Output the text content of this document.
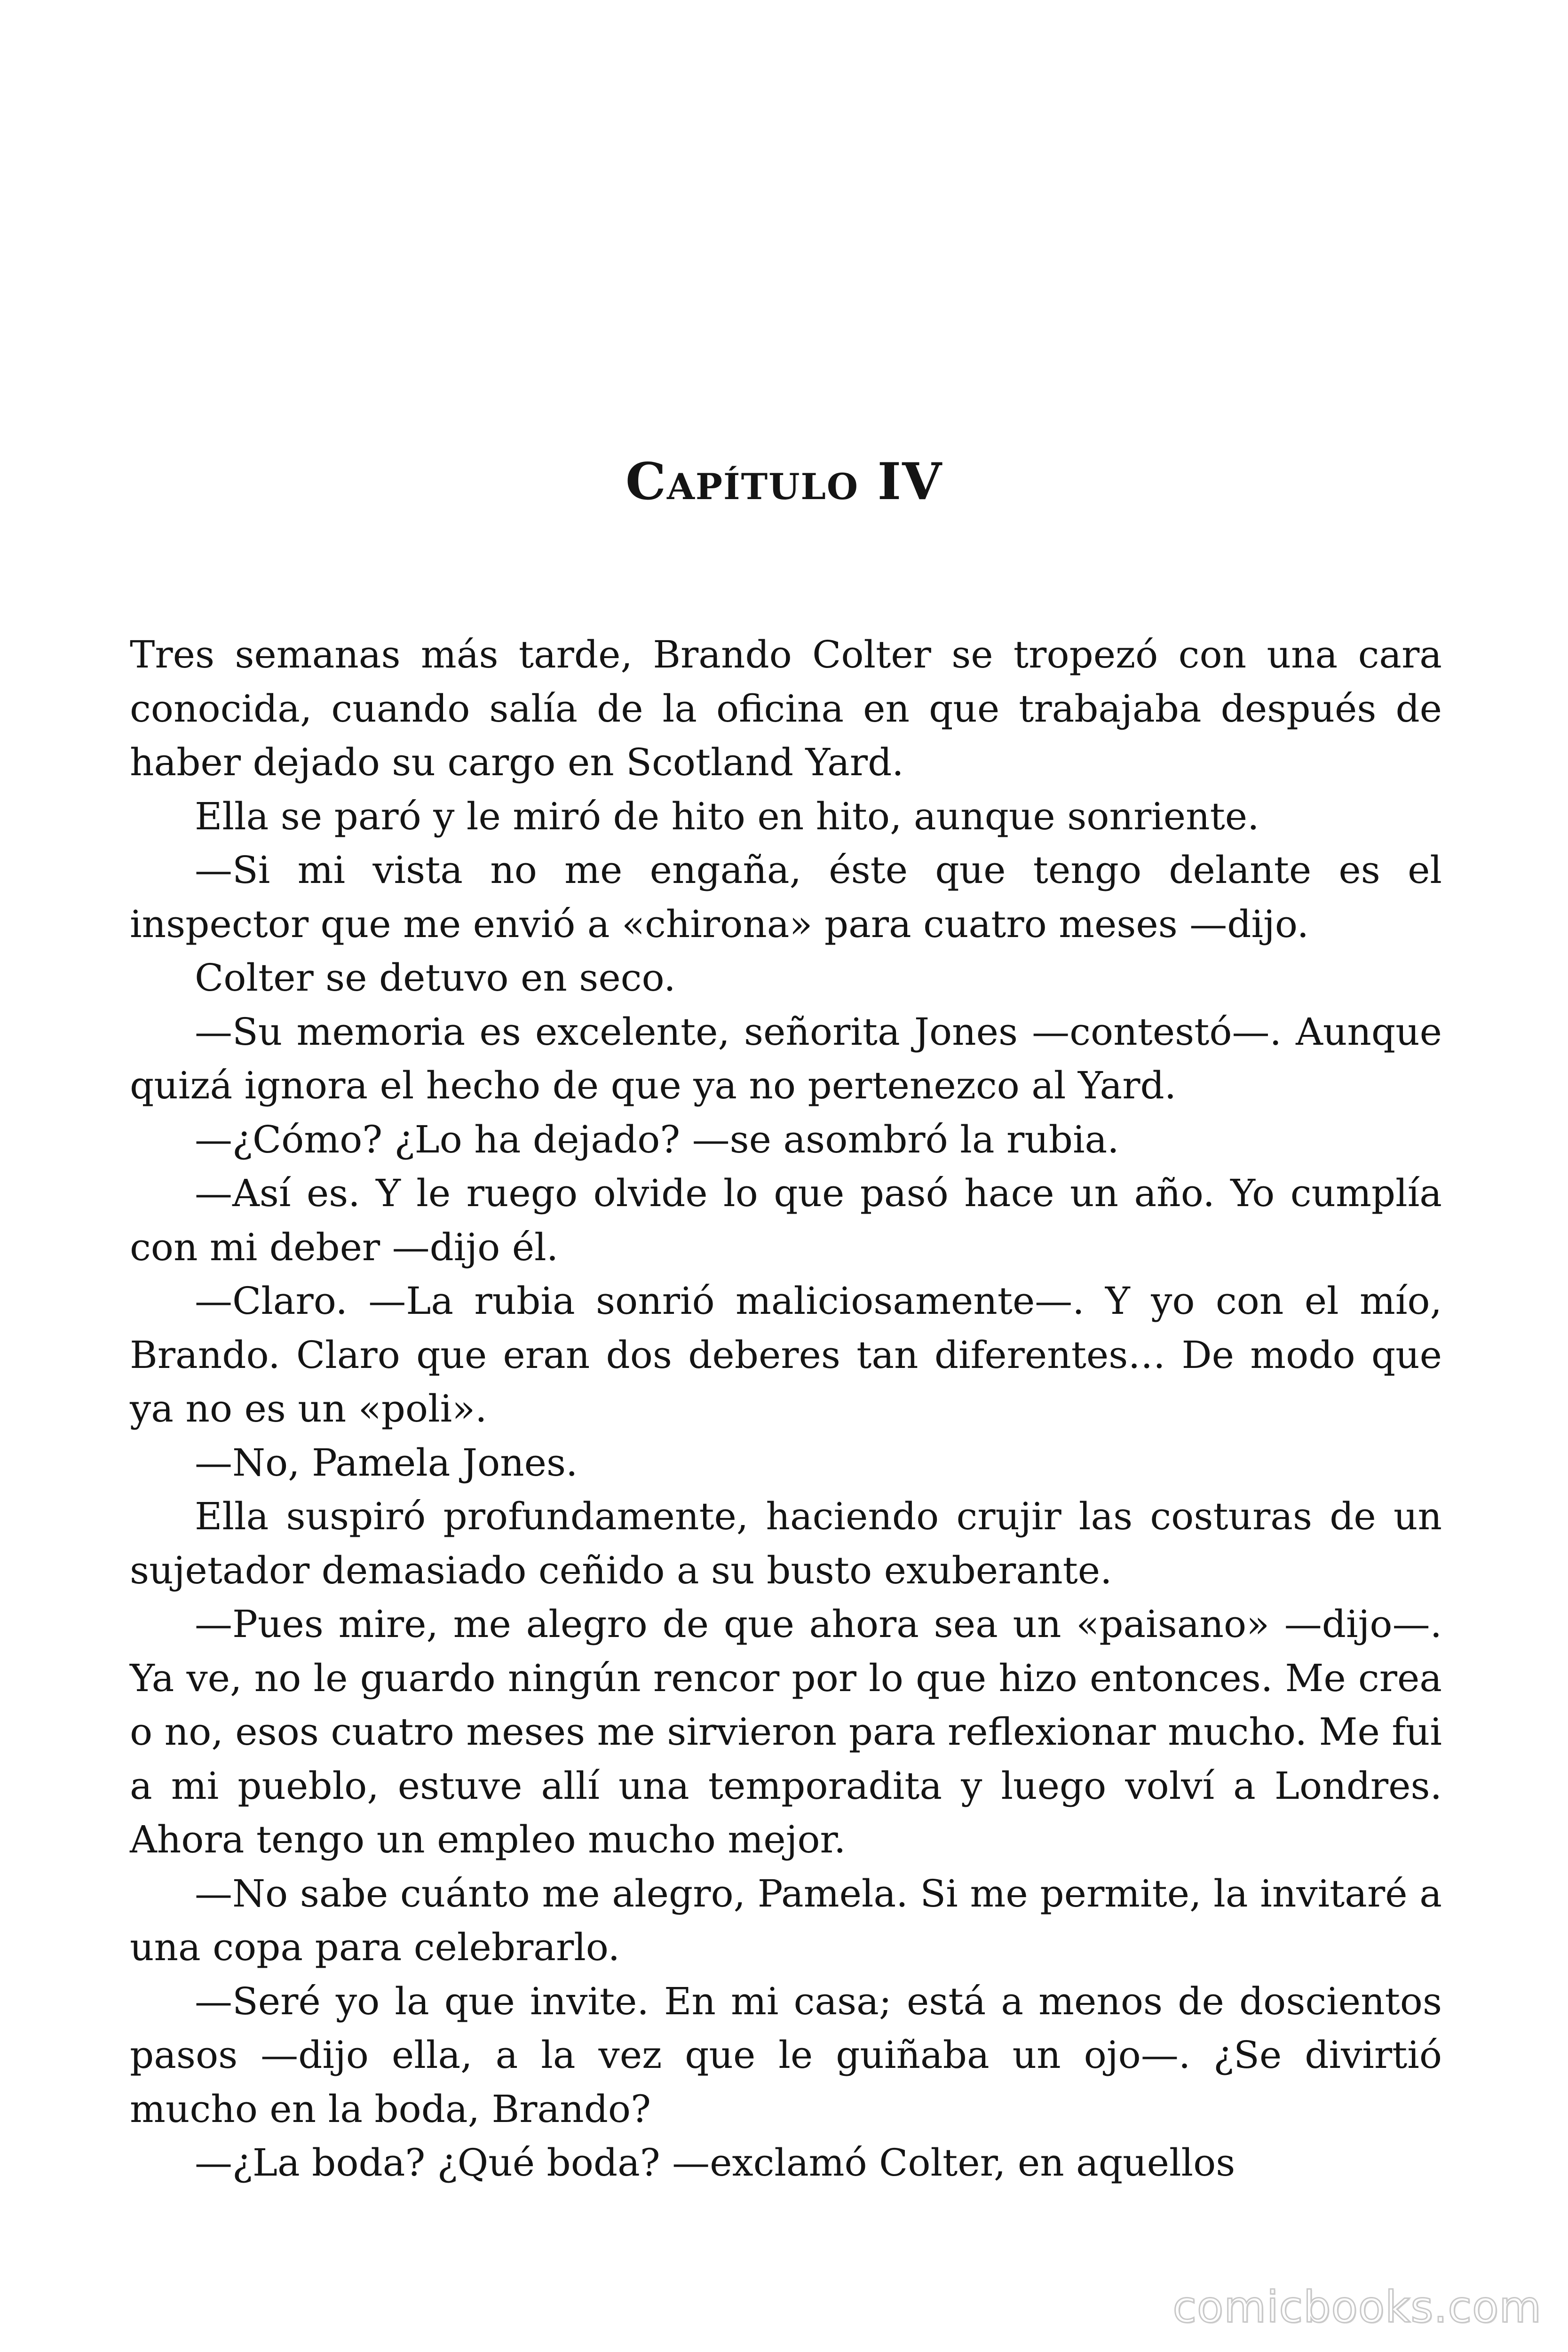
Capítulo IV

Tres semanas más tarde, Brando Colter se tropezó con una cara conocida, cuando salía de la oficina en que trabajaba después de haber dejado su cargo en Scotland Yard.

Ella se paró y le miró de hito en hito, aunque sonriente.

—Si mi vista no me engaña, éste que tengo delante es el inspector que me envió a «chirona» para cuatro meses —dijo.

Colter se detuvo en seco.

—Su memoria es excelente, señorita Jones —contestó—. Aunque quizá ignora el hecho de que ya no pertenezco al Yard.

—¿Cómo? ¿Lo ha dejado? —se asombró la rubia.

—Así es. Y le ruego olvide lo que pasó hace un año. Yo cumplía con mi deber —dijo él.

—Claro. —La rubia sonrió maliciosamente—. Y yo con el mío, Brando. Claro que eran dos deberes tan diferentes… De modo que ya no es un «poli».

—No, Pamela Jones.

Ella suspiró profundamente, haciendo crujir las costuras de un sujetador demasiado ceñido a su busto exuberante.

—Pues mire, me alegro de que ahora sea un «paisano» —dijo—. Ya ve, no le guardo ningún rencor por lo que hizo entonces. Me crea o no, esos cuatro meses me sirvieron para reflexionar mucho. Me fui a mi pueblo, estuve allí una temporadita y luego volví a Londres. Ahora tengo un empleo mucho mejor.

—No sabe cuánto me alegro, Pamela. Si me permite, la invitaré a una copa para celebrarlo.

—Seré yo la que invite. En mi casa; está a menos de doscientos pasos —dijo ella, a la vez que le guiñaba un ojo—. ¿Se divirtió mucho en la boda, Brando?

—¿La boda? ¿Qué boda? —exclamó Colter, en aquellos

comicbooks.com
